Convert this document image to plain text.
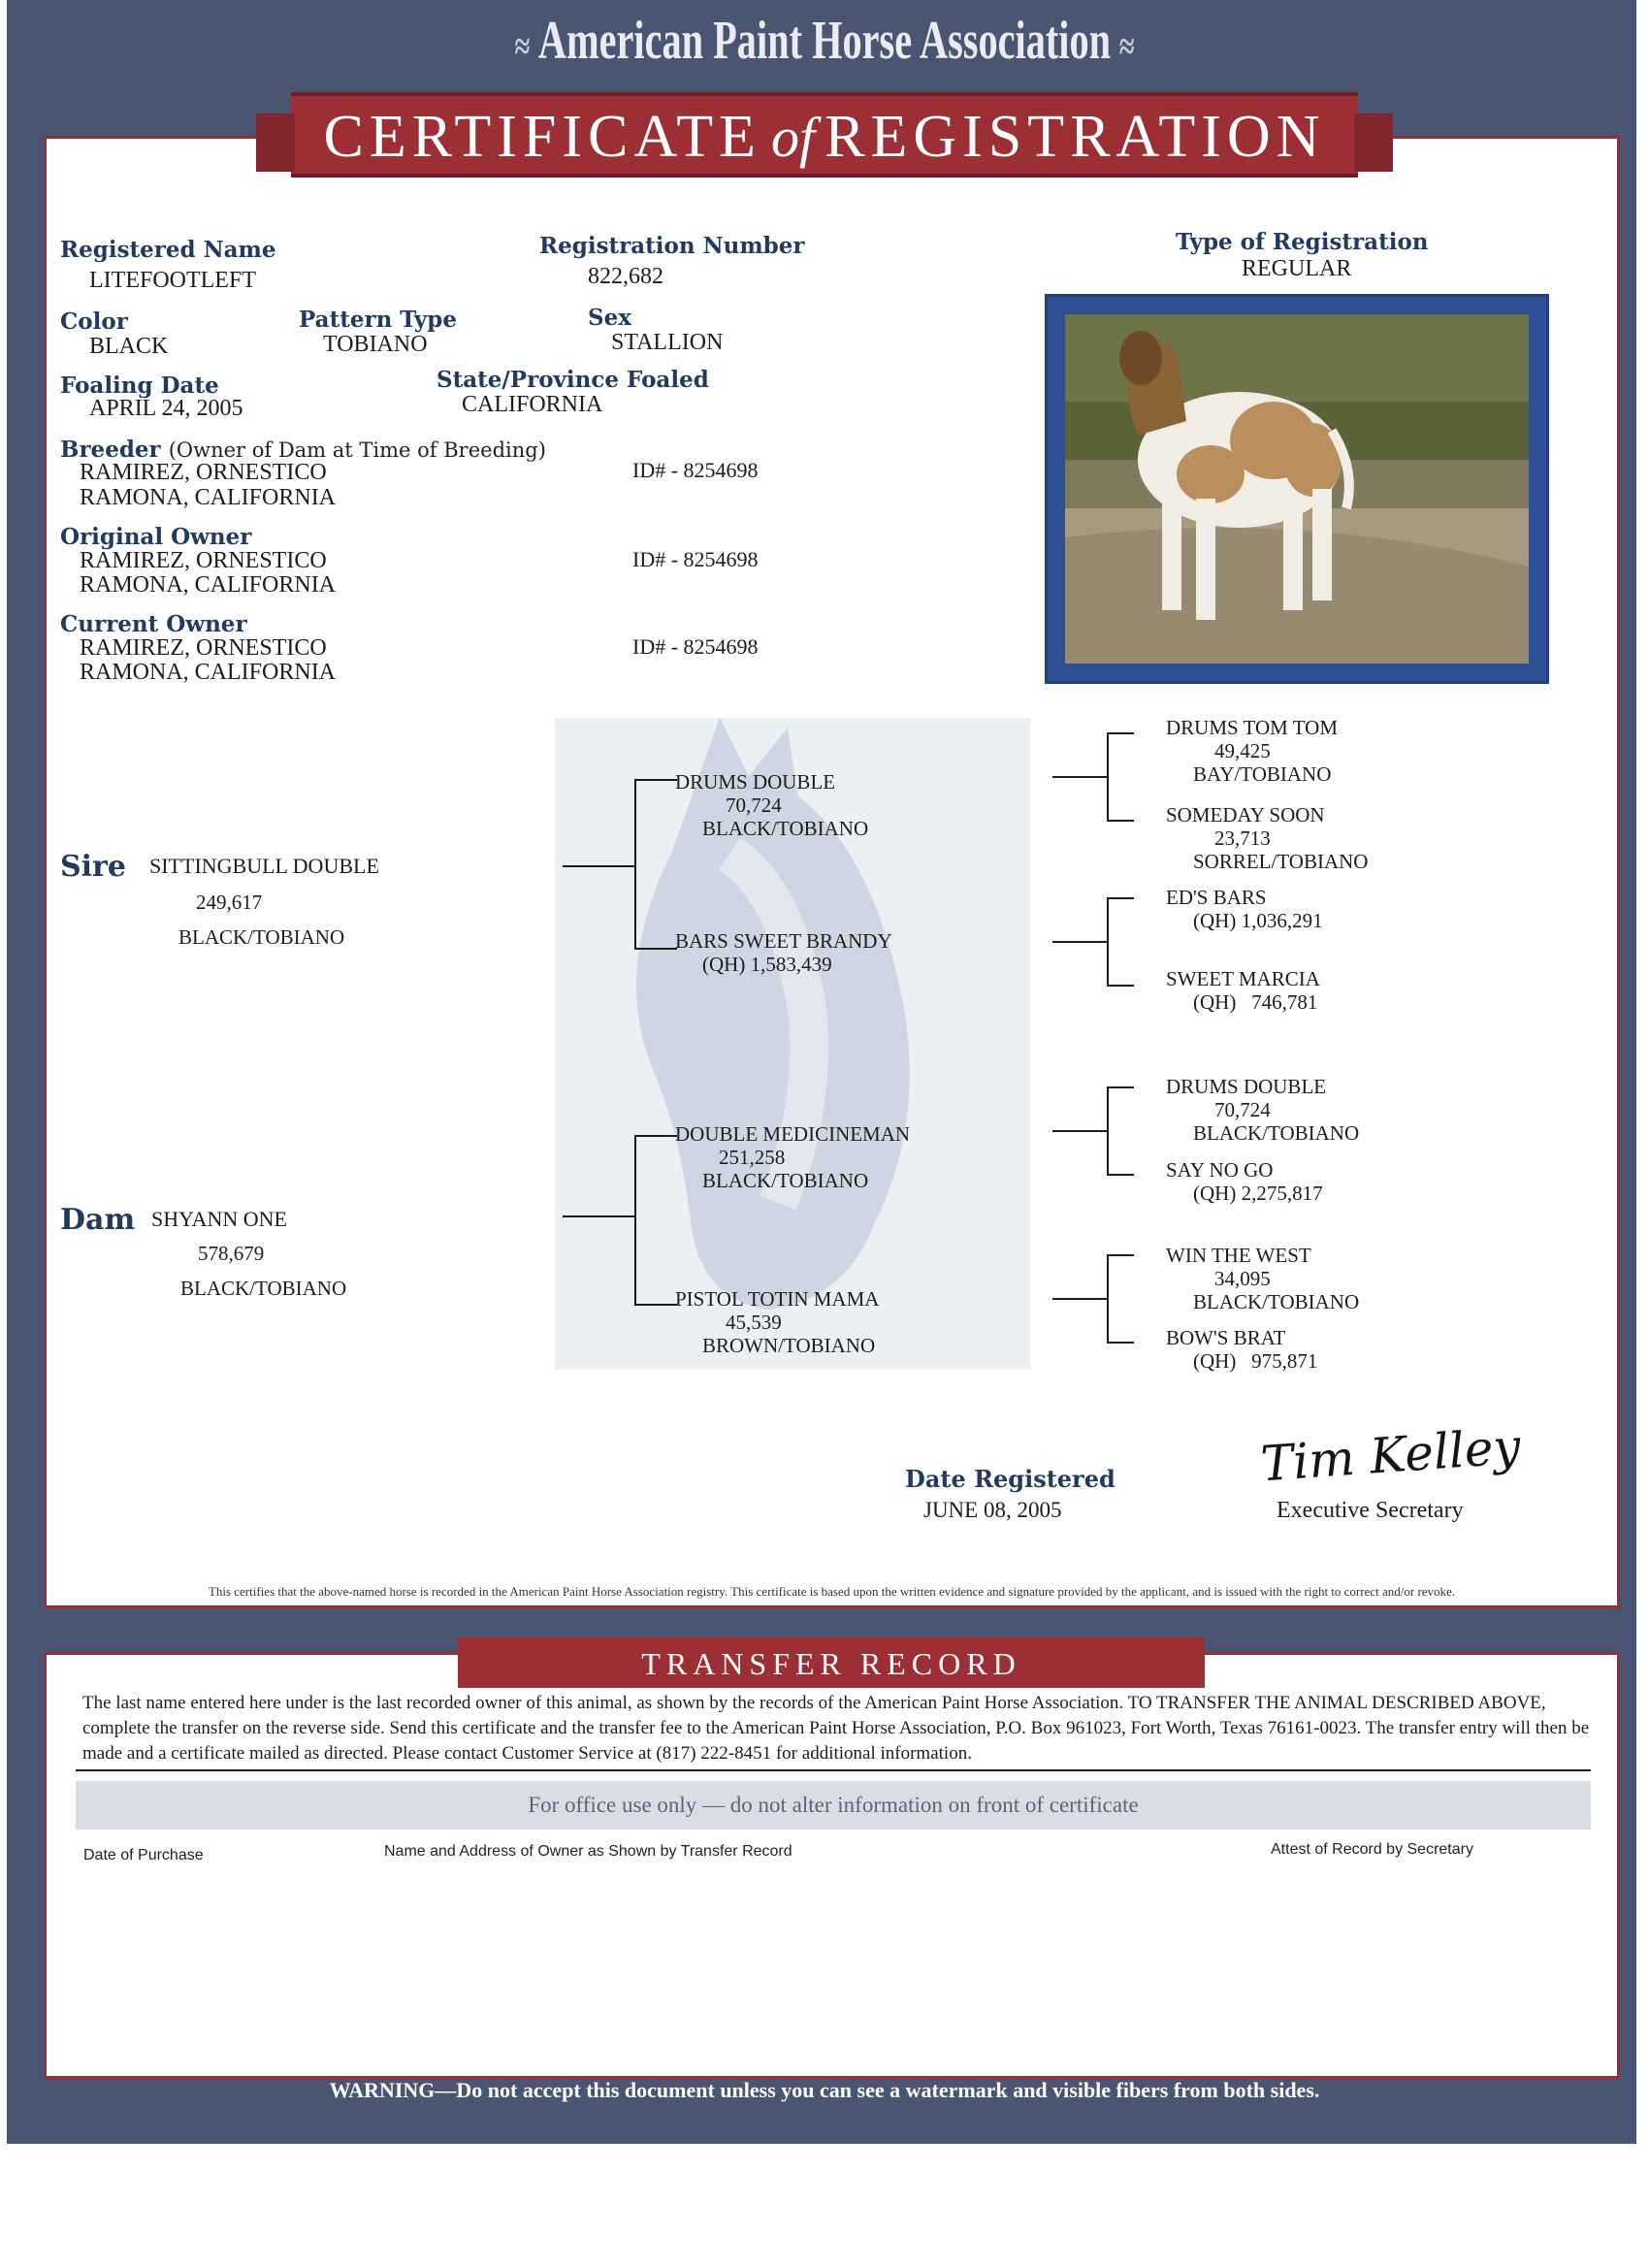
≈ American Paint Horse Association ≈
CERTIFICATE of REGISTRATION
Registered Name
LITEFOOTLEFT
Registration Number
822,682
Type of Registration
REGULAR
Color
BLACK
Pattern Type
TOBIANO
Sex
STALLION
Foaling Date
APRIL 24, 2005
State/Province Foaled
CALIFORNIA
Breeder (Owner of Dam at Time of Breeding)
RAMIREZ, ORNESTICO
RAMONA, CALIFORNIA
ID# - 8254698
Original Owner
RAMIREZ, ORNESTICO
RAMONA, CALIFORNIA
ID# - 8254698
Current Owner
RAMIREZ, ORNESTICO
RAMONA, CALIFORNIA
ID# - 8254698
Sire SITTINGBULL DOUBLE
249,617
BLACK/TOBIANO
Dam SHYANN ONE
578,679
BLACK/TOBIANO
DRUMS DOUBLE
70,724
BLACK/TOBIANO
BARS SWEET BRANDY
(QH) 1,583,439
DOUBLE MEDICINEMAN
251,258
BLACK/TOBIANO
PISTOL TOTIN MAMA
45,539
BROWN/TOBIANO
DRUMS TOM TOM
49,425
BAY/TOBIANO
SOMEDAY SOON
23,713
SORREL/TOBIANO
ED'S BARS
(QH) 1,036,291
SWEET MARCIA
(QH)   746,781
DRUMS DOUBLE
70,724
BLACK/TOBIANO
SAY NO GO
(QH) 2,275,817
WIN THE WEST
34,095
BLACK/TOBIANO
BOW'S BRAT
(QH)   975,871
Date Registered
JUNE 08, 2005
Tim Kelley
Executive Secretary
This certifies that the above-named horse is recorded in the American Paint Horse Association registry. This certificate is based upon the written evidence and signature provided by the applicant, and is issued with the right to correct and/or revoke.
TRANSFER RECORD
The last name entered here under is the last recorded owner of this animal, as shown by the records of the American Paint Horse Association. TO TRANSFER THE ANIMAL DESCRIBED ABOVE, complete the transfer on the reverse side. Send this certificate and the transfer fee to the American Paint Horse Association, P.O. Box 961023, Fort Worth, Texas 76161-0023. The transfer entry will then be made and a certificate mailed as directed. Please contact Customer Service at (817) 222-8451 for additional information.
For office use only — do not alter information on front of certificate
Date of Purchase	Name and Address of Owner as Shown by Transfer Record	Attest of Record by Secretary
WARNING—Do not accept this document unless you can see a watermark and visible fibers from both sides.
